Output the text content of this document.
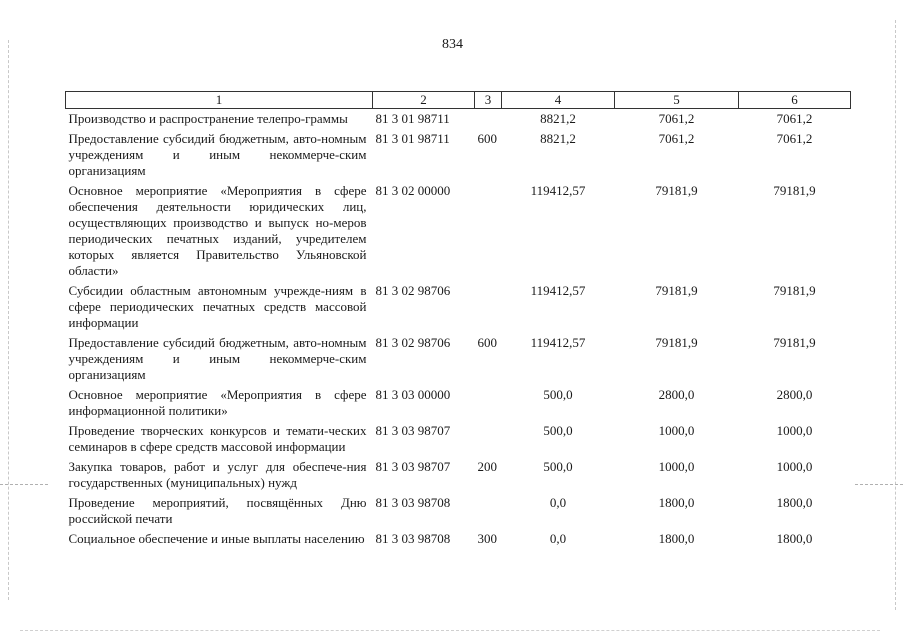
834
1	2	3	4	5	6
Производство и распространение телепро-граммы	81 3 01 98711		8821,2	7061,2	7061,2
Предоставление субсидий бюджетным, авто-номным учреждениям и иным некоммерче-ским организациям	81 3 01 98711	600	8821,2	7061,2	7061,2
Основное мероприятие «Мероприятия в сфере обеспечения деятельности юридических лиц, осуществляющих производство и выпуск но-меров периодических печатных изданий, учредителем которых является Правительство Ульяновской области»	81 3 02 00000		119412,57	79181,9	79181,9
Субсидии областным автономным учрежде-ниям в сфере периодических печатных средств массовой информации	81 3 02 98706		119412,57	79181,9	79181,9
Предоставление субсидий бюджетным, авто-номным учреждениям и иным некоммерче-ским организациям	81 3 02 98706	600	119412,57	79181,9	79181,9
Основное мероприятие «Мероприятия в сфере информационной политики»	81 3 03 00000		500,0	2800,0	2800,0
Проведение творческих конкурсов и темати-ческих семинаров в сфере средств массовой информации	81 3 03 98707		500,0	1000,0	1000,0
Закупка товаров, работ и услуг для обеспече-ния государственных (муниципальных) нужд	81 3 03 98707	200	500,0	1000,0	1000,0
Проведение мероприятий, посвящённых Дню российской печати	81 3 03 98708		0,0	1800,0	1800,0
Социальное обеспечение и иные выплаты населению	81 3 03 98708	300	0,0	1800,0	1800,0
